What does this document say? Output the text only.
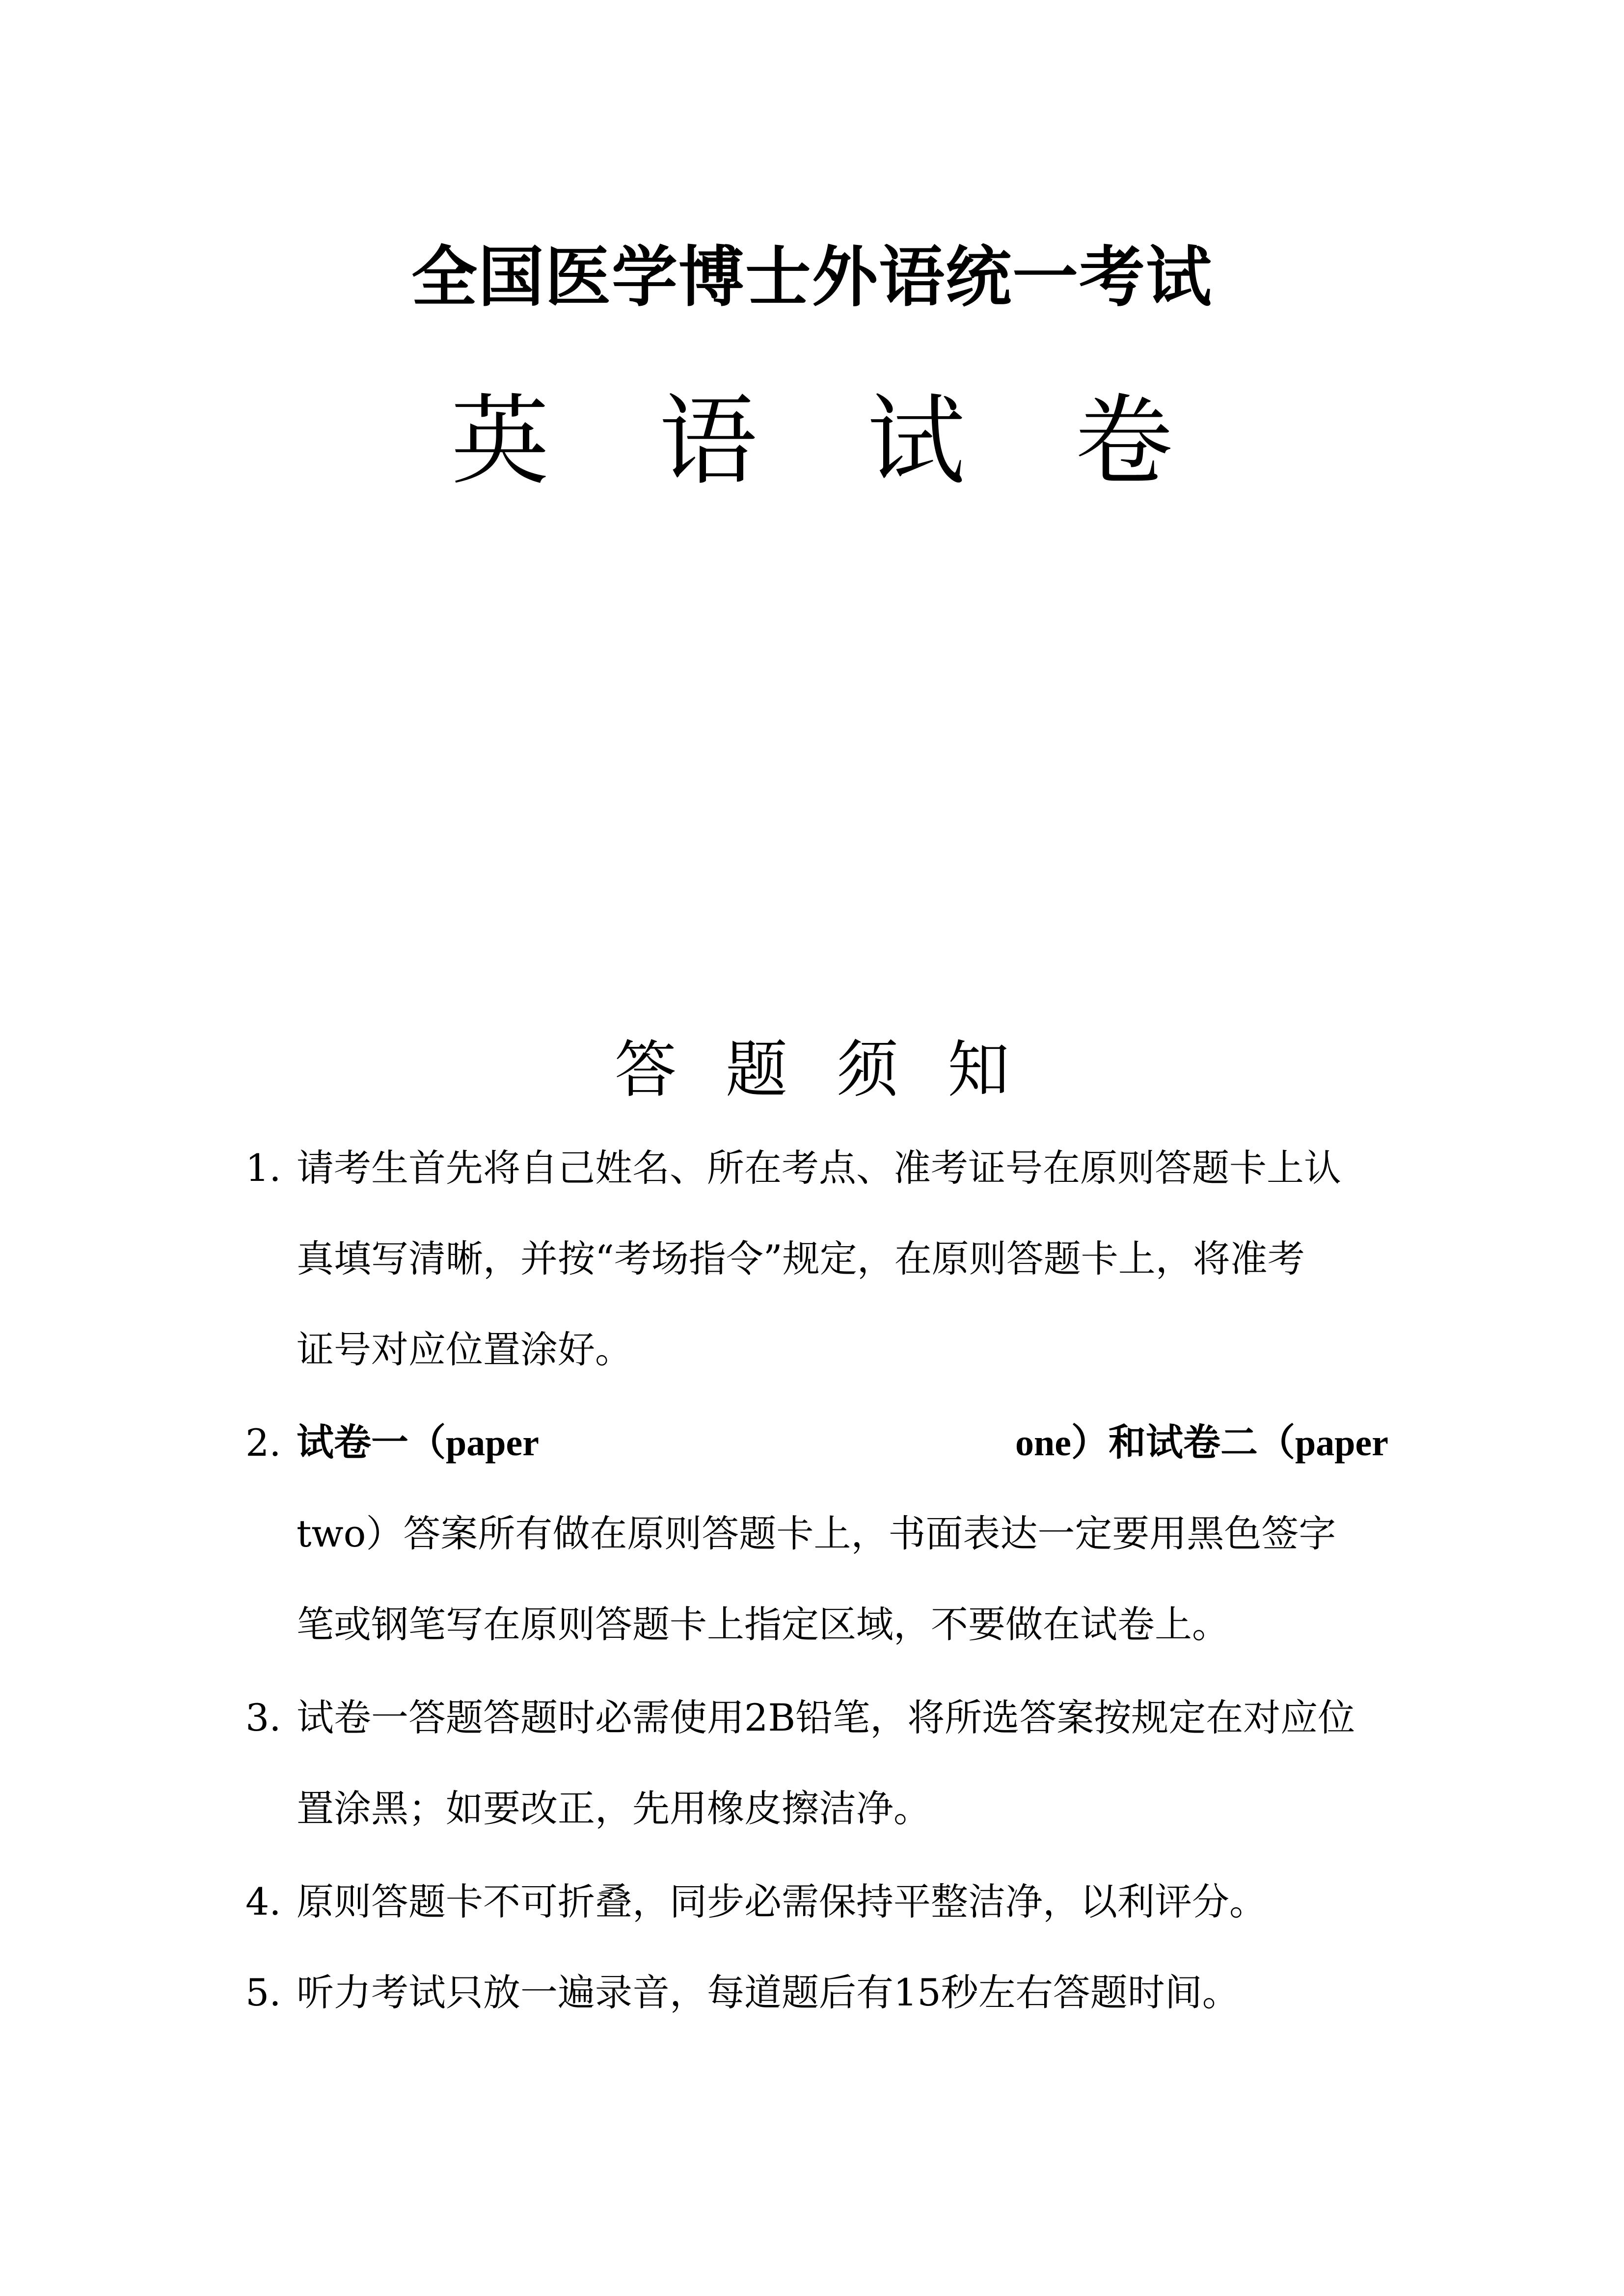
全国医学博士外语统一考试
英 语 试 卷
答 题 须 知
1. 请考生首先将自己姓名、所在考点、准考证号在原则答题卡上认
真填写清晰，并按“考场指令”规定，在原则答题卡上，将准考
证号对应位置涂好。
2. 试卷一（paper	one）和试卷二（paper
two）答案所有做在原则答题卡上，书面表达一定要用黑色签字
笔或钢笔写在原则答题卡上指定区域，不要做在试卷上。
3. 试卷一答题答题时必需使用2B铅笔，将所选答案按规定在对应位
置涂黑；如要改正，先用橡皮擦洁净。
4. 原则答题卡不可折叠，同步必需保持平整洁净，以利评分。
5. 听力考试只放一遍录音，每道题后有15秒左右答题时间。
